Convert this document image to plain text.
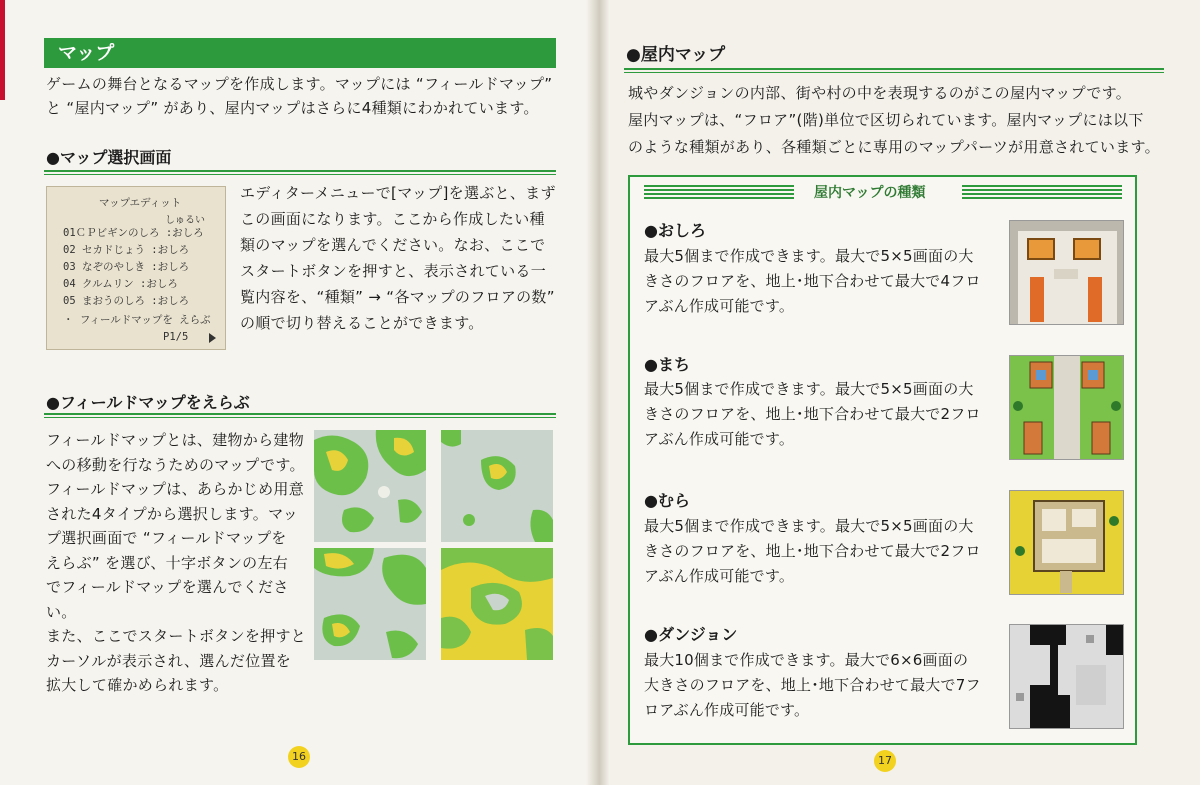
マップ
ゲームの舞台となるマップを作成します。マップには “フィールドマップ”
と “屋内マップ” があり、屋内マップはさらに4種類にわかれています。
●マップ選択画面
マップエディット
しゅるい
01ＣＰビギンのしろ :おしろ
02 セカドじょう :おしろ
03 なぞのやしき :おしろ
04 クルムリン :おしろ
05 まおうのしろ :おしろ
・ フィールドマップを えらぶ
P1/5
エディターメニューで[マップ]を選ぶと、まず
この画面になります。ここから作成したい種
類のマップを選んでください。なお、ここで
スタートボタンを押すと、表示されている一
覧内容を、“種類” → “各マップのフロアの数”
の順で切り替えることができます。
●フィールドマップをえらぶ
フィールドマップとは、建物から建物
への移動を行なうためのマップです。
フィールドマップは、あらかじめ用意
された4タイプから選択します。マッ
プ選択画面で “フィールドマップを
えらぶ” を選び、十字ボタンの左右
でフィールドマップを選んでください。
また、ここでスタートボタンを押すと
カーソルが表示され、選んだ位置を
拡大して確かめられます。
16
●屋内マップ
城やダンジョンの内部、街や村の中を表現するのがこの屋内マップです。
屋内マップは、“フロア”(階)単位で区切られています。屋内マップには以下
のような種類があり、各種類ごとに専用のマップパーツが用意されています。
屋内マップの種類
●おしろ
最大5個まで作成できます。最大で5×5画面の大
きさのフロアを、地上･地下合わせて最大で4フロ
アぶん作成可能です。
●まち
最大5個まで作成できます。最大で5×5画面の大
きさのフロアを、地上･地下合わせて最大で2フロ
アぶん作成可能です。
●むら
最大5個まで作成できます。最大で5×5画面の大
きさのフロアを、地上･地下合わせて最大で2フロ
アぶん作成可能です。
●ダンジョン
最大10個まで作成できます。最大で6×6画面の
大きさのフロアを、地上･地下合わせて最大で7フ
ロアぶん作成可能です。
17
